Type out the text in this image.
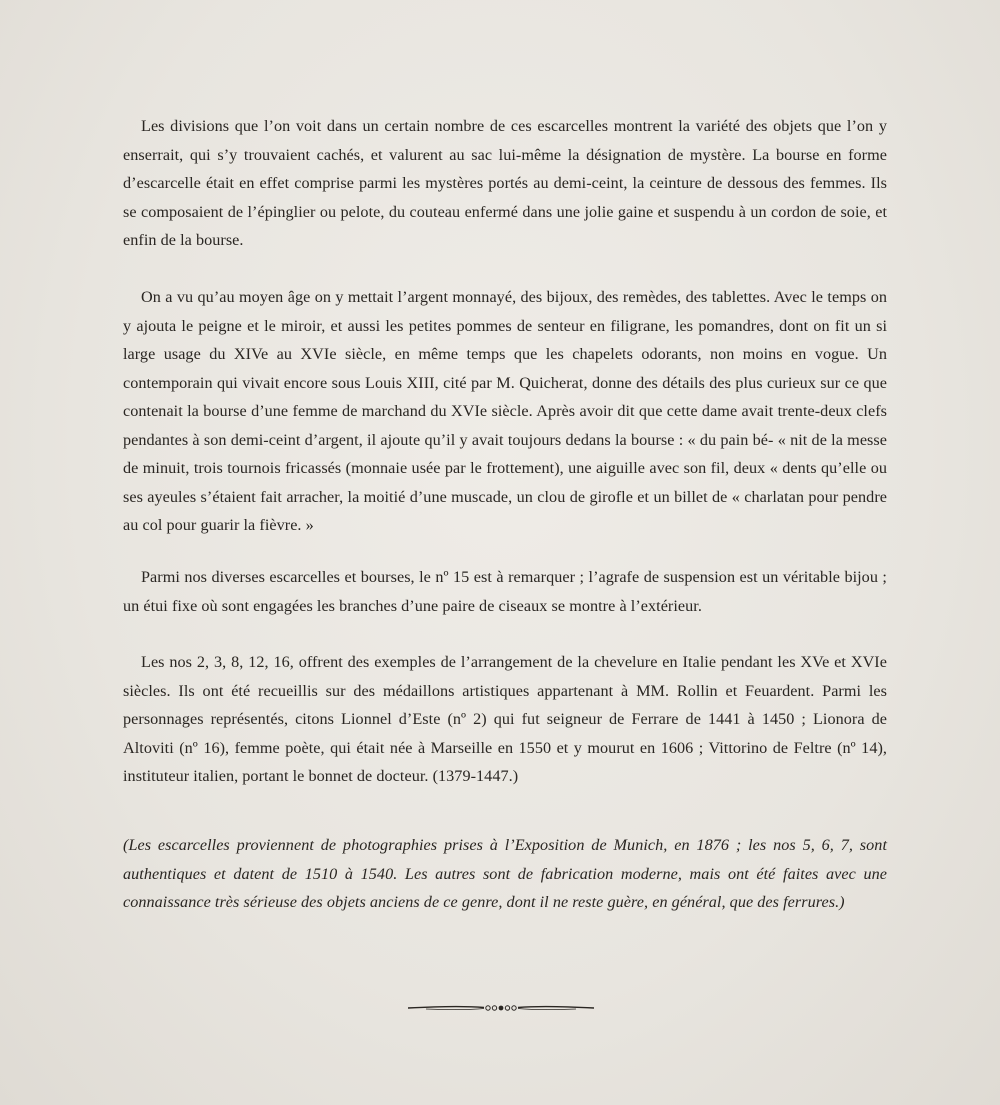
Les divisions que l’on voit dans un certain nombre de ces escarcelles montrent la variété des objets que l’on y enserrait, qui s’y trouvaient cachés, et valurent au sac lui-même la désignation de mystère. La bourse en forme d’escarcelle était en effet comprise parmi les mystères portés au demi-ceint, la ceinture de dessous des femmes. Ils se composaient de l’épinglier ou pelote, du couteau enfermé dans une jolie gaine et suspendu à un cordon de soie, et enfin de la bourse.

On a vu qu’au moyen âge on y mettait l’argent monnayé, des bijoux, des remèdes, des tablettes. Avec le temps on y ajouta le peigne et le miroir, et aussi les petites pommes de senteur en filigrane, les pomandres, dont on fit un si large usage du XIVe au XVIe siècle, en même temps que les chapelets odorants, non moins en vogue. Un contemporain qui vivait encore sous Louis XIII, cité par M. Quicherat, donne des détails des plus curieux sur ce que contenait la bourse d’une femme de marchand du XVIe siècle. Après avoir dit que cette dame avait trente-deux clefs pendantes à son demi-ceint d’argent, il ajoute qu’il y avait toujours dedans la bourse : « du pain bé- « nit de la messe de minuit, trois tournois fricassés (monnaie usée par le frottement), une aiguille avec son fil, deux « dents qu’elle ou ses ayeules s’étaient fait arracher, la moitié d’une muscade, un clou de girofle et un billet de « charlatan pour pendre au col pour guarir la fièvre. »

Parmi nos diverses escarcelles et bourses, le nº 15 est à remarquer ; l’agrafe de suspension est un véritable bijou ; un étui fixe où sont engagées les branches d’une paire de ciseaux se montre à l’extérieur.

Les nos 2, 3, 8, 12, 16, offrent des exemples de l’arrangement de la chevelure en Italie pendant les XVe et XVIe siècles. Ils ont été recueillis sur des médaillons artistiques appartenant à MM. Rollin et Feuardent. Parmi les personnages représentés, citons Lionnel d’Este (nº 2) qui fut seigneur de Ferrare de 1441 à 1450 ; Lionora de Altoviti (nº 16), femme poète, qui était née à Marseille en 1550 et y mourut en 1606 ; Vittorino de Feltre (nº 14), instituteur italien, portant le bonnet de docteur. (1379-1447.)

(Les escarcelles proviennent de photographies prises à l’Exposition de Munich, en 1876 ; les nos 5, 6, 7, sont authentiques et datent de 1510 à 1540. Les autres sont de fabrication moderne, mais ont été faites avec une connaissance très sérieuse des objets anciens de ce genre, dont il ne reste guère, en général, que des ferrures.)
